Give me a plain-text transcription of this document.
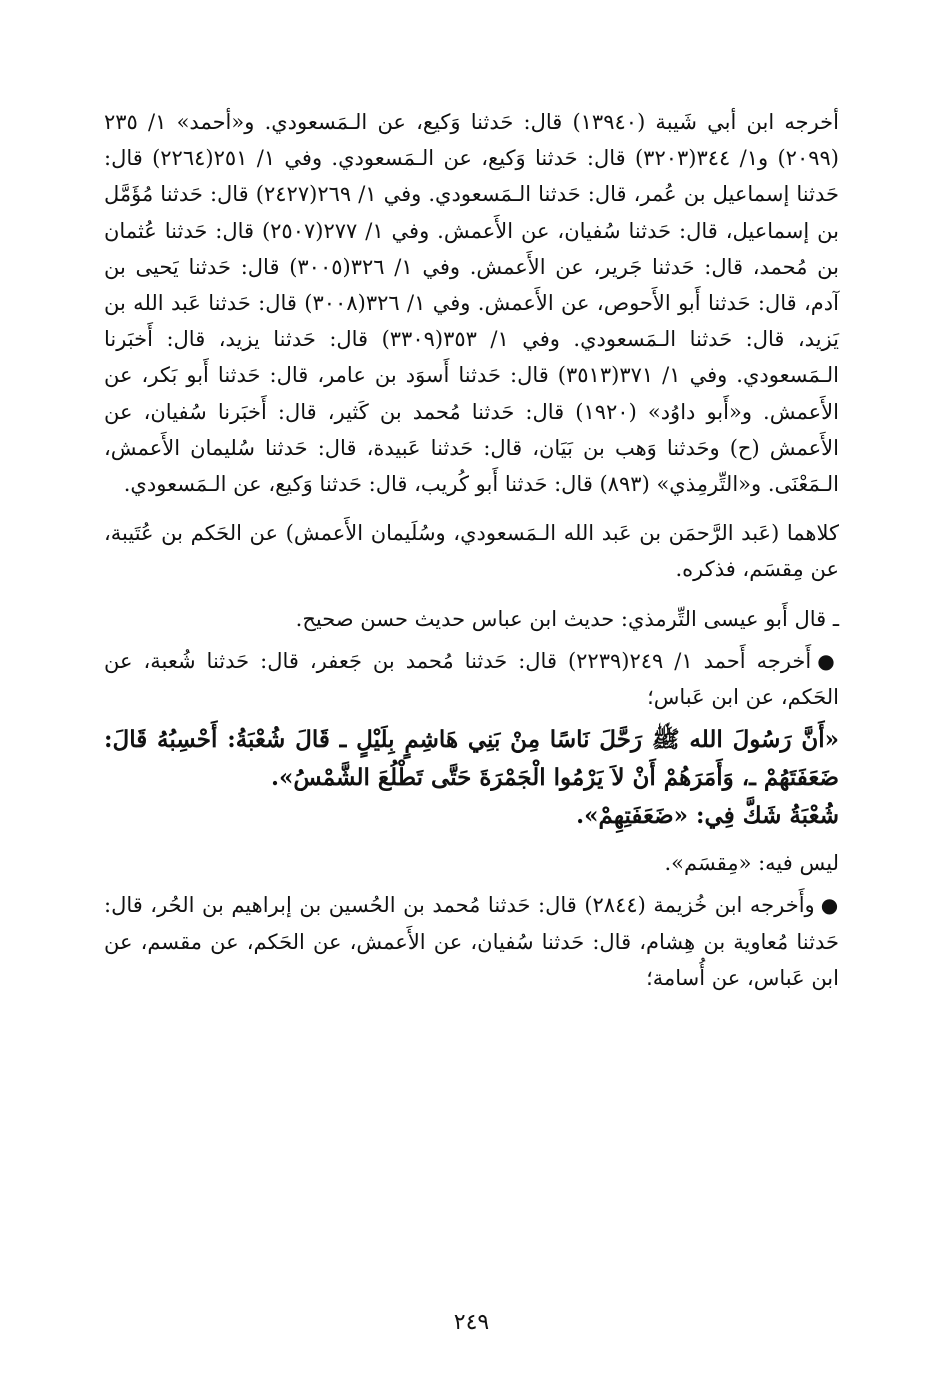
أخرجه ابن أبي شَيبة (١٣٩٤٠) قال: حَدثنا وَكيع، عن الـمَسعودي. و«أحمد» ١/ ٢٣٥ (٢٠٩٩) و١/ ٣٤٤(٣٢٠٣) قال: حَدثنا وَكيع، عن الـمَسعودي. وفي ١/ ٢٥١(٢٢٦٤) قال: حَدثنا إسماعيل بن عُمر، قال: حَدثنا الـمَسعودي. وفي ١/ ٢٦٩(٢٤٢٧) قال: حَدثنا مُؤَمَّل بن إسماعيل، قال: حَدثنا سُفيان، عن الأَعمش. وفي ١/ ٢٧٧(٢٥٠٧) قال: حَدثنا عُثمان بن مُحمد، قال: حَدثنا جَرير، عن الأَعمش. وفي ١/ ٣٢٦(٣٠٠٥) قال: حَدثنا يَحيى بن آدم، قال: حَدثنا أَبو الأَحوص، عن الأَعمش. وفي ١/ ٣٢٦(٣٠٠٨) قال: حَدثنا عَبد الله بن يَزيد، قال: حَدثنا الـمَسعودي. وفي ١/ ٣٥٣(٣٣٠٩) قال: حَدثنا يزيد، قال: أَخبَرنا الـمَسعودي. وفي ١/ ٣٧١(٣٥١٣) قال: حَدثنا أَسوَد بن عامر، قال: حَدثنا أَبو بَكر، عن الأَعمش. و«أَبو داوُد» (١٩٢٠) قال: حَدثنا مُحمد بن كَثير، قال: أَخبَرنا سُفيان، عن الأَعمش (ح) وحَدثنا وَهب بن بَيَان، قال: حَدثنا عَبيدة، قال: حَدثنا سُليمان الأَعمش، الـمَعْنَى. و«التِّرمِذي» (٨٩٣) قال: حَدثنا أَبو كُريب، قال: حَدثنا وَكيع، عن الـمَسعودي.

كلاهما (عَبد الرَّحمَن بن عَبد الله الـمَسعودي، وسُلَيمان الأَعمش) عن الحَكم بن عُتَيبة، عن مِقسَم، فذكره.

ـ قال أَبو عيسى التِّرمذي: حديث ابن عباس حديث حسن صحيح.

●أَخرجه أَحمد ١/ ٢٤٩(٢٢٣٩) قال: حَدثنا مُحمد بن جَعفر، قال: حَدثنا شُعبة، عن الحَكم، عن ابن عَباس؛

«أَنَّ رَسُولَ الله ﷺ رَحَّلَ نَاسًا مِنْ بَنِي هَاشِمٍ بِلَيْلٍ ـ قَالَ شُعْبَةُ: أَحْسِبُهُ قَالَ: ضَعَفَتَهُمْ ـ، وَأَمَرَهُمْ أَنْ لاَ يَرْمُوا الْجَمْرَةَ حَتَّى تَطْلُعَ الشَّمْسُ».

شُعْبَةُ شَكَّ فِي: «ضَعَفَتِهِمْ».

ليس فيه: «مِقسَم».

●وأَخرجه ابن خُزيمة (٢٨٤٤) قال: حَدثنا مُحمد بن الحُسين بن إبراهيم بن الحُر، قال: حَدثنا مُعاوية بن هِشام، قال: حَدثنا سُفيان، عن الأَعمش، عن الحَكم، عن مقسم، عن ابن عَباس، عن أُسامة؛

٢٤٩
